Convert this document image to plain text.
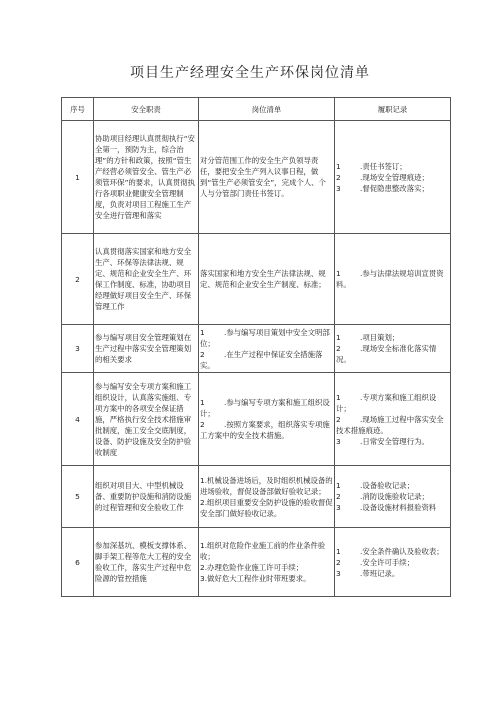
项目生产经理安全生产环保岗位清单
序号	安全职责	岗位清单	履职记录
1	协助项目经理认真贯彻执行“安全第一，预防为主，综合治理”的方针和政策，按照“管生产经营必须管安全、管生产必须管环保”的要求，认真贯彻执行各项职业健康安全管理制度，负责对项目工程施工生产安全进行管理和落实	对分管范围工作的安全生产负领导责任，要把安全生产列入议事日程，做到“管生产必须管安全”，完成个人、个人与分管部门责任书签订。	1 .责任书签订；
2 .现场安全管理痕迹；
3 .督促隐患整改落实；

2	认真贯彻落实国家和地方安全生产、环保等法律法规、规定、规范和企业安全生产、环保工作制度、标准，协助项目经理做好项目安全生产、环保管理工作	落实国家和地方安全生产法律法规、规定、规范和企业安全生产制度、标准；	1 .参与法律法规培训宣贯资料。

3	参与编写项目安全管理策划在生产过程中落实安全管理策划的相关要求	1 .参与编写项目策划中安全文明部位；
2 .在生产过程中保证安全措施落实。	1 .项目策划；
2 .现场安全标准化落实情况。

4	参与编写安全专项方案和施工组织设计，认真落实施组、专项方案中的各项安全保证措施，严格执行安全技术措施审批制度，施工安全交底制度，设备、防护设施及安全防护验收制度	1 .参与编写专项方案和施工组织设计；
2 .按照方案要求，组织落实专项施工方案中的安全技术措施。	1 .专项方案和施工组织设计；
2 .现场施工过程中落实安全技术措施痕迹。
3 .日常安全管理行为。

5	组织对项目大、中型机械设备、重要防护设施和消防设施的过程管理和安全验收工作	1.机械设备进场后，及时组织机械设备的进场验收，督促设备部做好验收记录；
2.组织项目重要安全防护设施的验收督促安全部门做好验收记录。	1 .设备验收记录；
2 .消防设施验收记录；
3 .设备设施材料报验资料

6	参加深基坑、模板支撑体系、脚手架工程等危大工程的安全验收工作，落实生产过程中危险源的管控措施	1.组织对危险作业施工前的作业条件验收；
2.办理危险作业施工许可手续；
3.做好危大工程作业时带班要求。	1 .安全条件确认及验收表；
2 .安全许可手续；
3 .带班记录。
